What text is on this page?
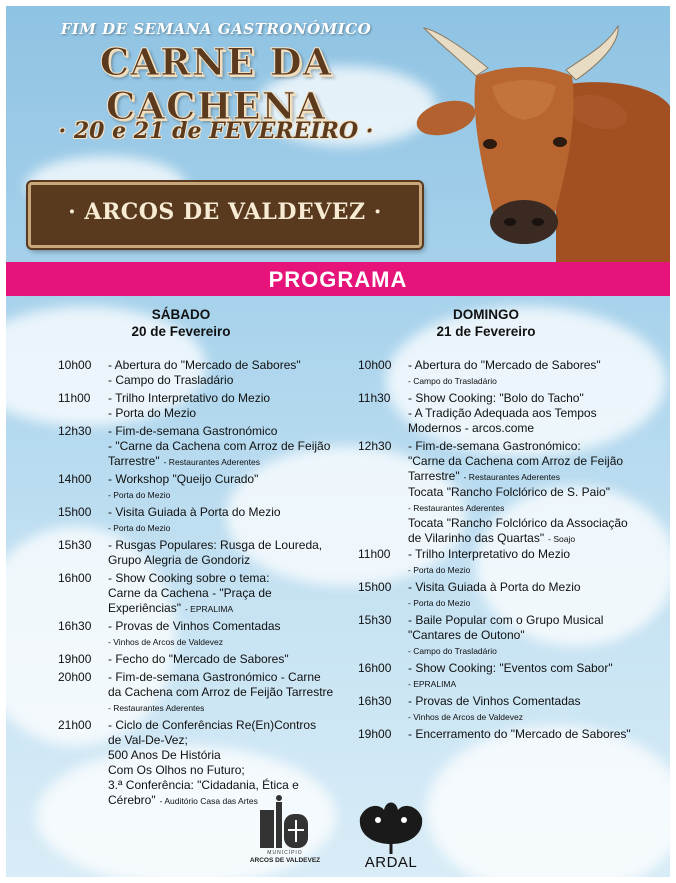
FIM DE SEMANA GASTRONÓMICO
CARNE DA CACHENA
· 20 e 21 de FEVEREIRO ·
· ARCOS DE VALDEVEZ ·
PROGRAMA
SÁBADO
20 de Fevereiro
DOMINGO
21 de Fevereiro
10h00 - Abertura do "Mercado de Sabores"
- Campo do Trasladário
11h00 - Trilho Interpretativo do Mezio
- Porta do Mezio
12h30 - Fim-de-semana Gastronómico
- "Carne da Cachena com Arroz de Feijão
Tarrestre" - Restaurantes Aderentes
14h00 - Workshop "Queijo Curado"
- Porta do Mezio
15h00 - Visita Guiada à Porta do Mezio
- Porta do Mezio
15h30 - Rusgas Populares: Rusga de Loureda,
Grupo Alegria de Gondoriz
16h00 - Show Cooking sobre o tema:
Carne da Cachena - "Praça de
Experiências" - EPRALIMA
16h30 - Provas de Vinhos Comentadas
- Vinhos de Arcos de Valdevez
19h00 - Fecho do "Mercado de Sabores"
20h00 - Fim-de-semana Gastronómico - Carne
da Cachena com Arroz de Feijão Tarrestre
- Restaurantes Aderentes
21h00 - Ciclo de Conferências Re(En)Contros
de Val-De-Vez;
500 Anos De História
Com Os Olhos no Futuro;
3.ª Conferência: "Cidadania, Ética e
Cérebro" - Auditório Casa das Artes
10h00 - Abertura do "Mercado de Sabores"
- Campo do Trasladário
11h30 - Show Cooking: "Bolo do Tacho"
- A Tradição Adequada aos Tempos
Modernos - arcos.come
12h30 - Fim-de-semana Gastronómico:
"Carne da Cachena com Arroz de Feijão
Tarrestre" - Restaurantes Aderentes
Tocata "Rancho Folclórico de S. Paio"
- Restaurantes Aderentes
Tocata "Rancho Folclórico da Associação
de Vilarinho das Quartas" - Soajo
11h00 - Trilho Interpretativo do Mezio
- Porta do Mezio
15h00 - Visita Guiada à Porta do Mezio
- Porta do Mezio
15h30 - Baile Popular com o Grupo Musical
"Cantares de Outono"
- Campo do Trasladário
16h00 - Show Cooking: "Eventos com Sabor"
- EPRALIMA
16h30 - Provas de Vinhos Comentadas
- Vinhos de Arcos de Valdevez
19h00 - Encerramento do "Mercado de Sabores"
MUNICÍPIO
ARCOS DE VALDEVEZ	ARDAL
